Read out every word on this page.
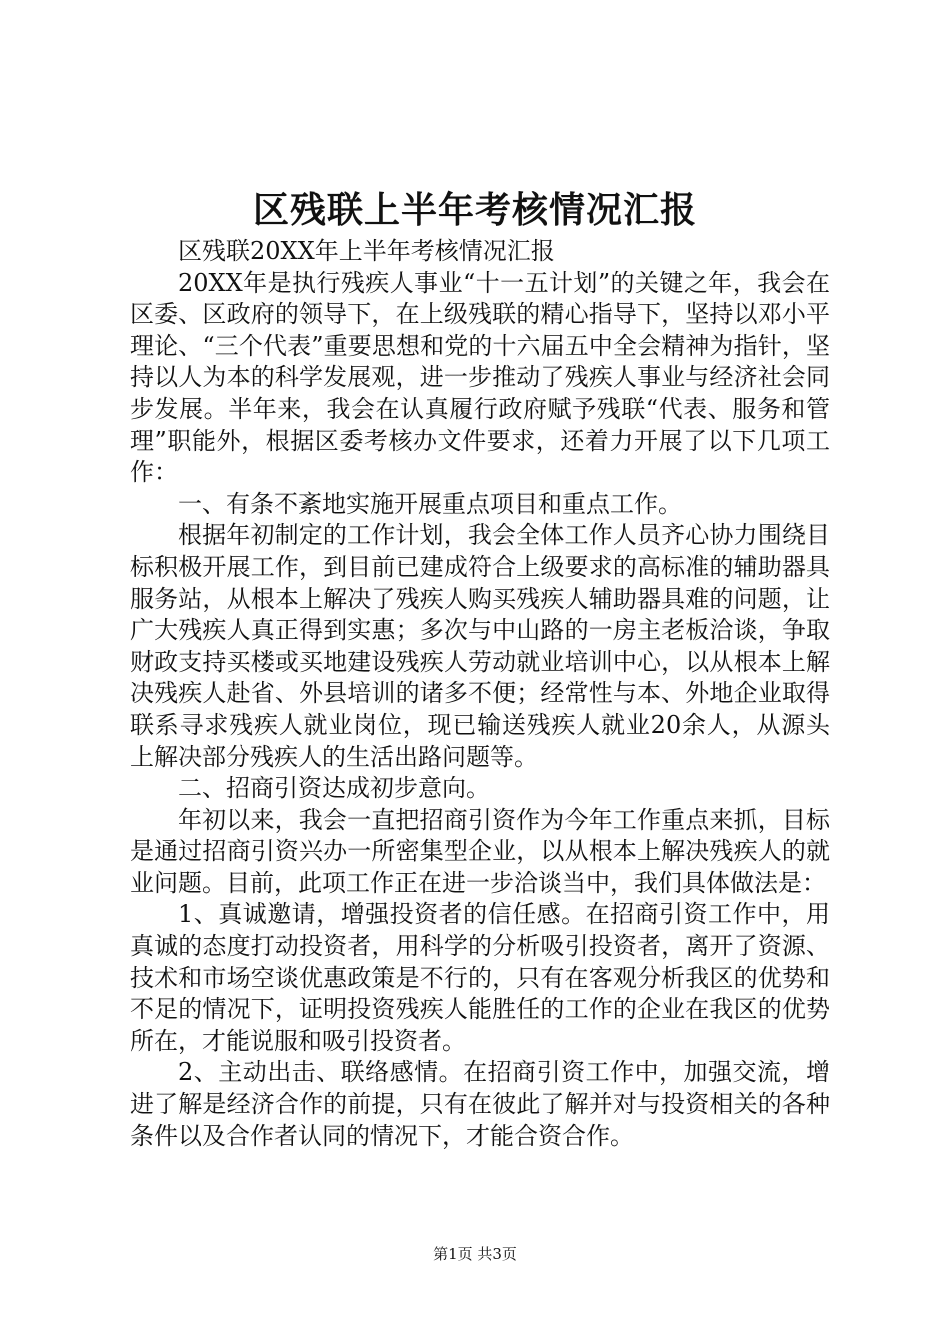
区残联上半年考核情况汇报

区残联20XX年上半年考核情况汇报

20XX年是执行残疾人事业“十一五计划”的关键之年，我会在区委、区政府的领导下，在上级残联的精心指导下，坚持以邓小平理论、“三个代表”重要思想和党的十六届五中全会精神为指针，坚持以人为本的科学发展观，进一步推动了残疾人事业与经济社会同步发展。半年来，我会在认真履行政府赋予残联“代表、服务和管理”职能外，根据区委考核办文件要求，还着力开展了以下几项工作：

一、有条不紊地实施开展重点项目和重点工作。

根据年初制定的工作计划，我会全体工作人员齐心协力围绕目标积极开展工作，到目前已建成符合上级要求的高标准的辅助器具服务站，从根本上解决了残疾人购买残疾人辅助器具难的问题，让广大残疾人真正得到实惠；多次与中山路的一房主老板洽谈，争取财政支持买楼或买地建设残疾人劳动就业培训中心，以从根本上解决残疾人赴省、外县培训的诸多不便；经常性与本、外地企业取得联系寻求残疾人就业岗位，现已输送残疾人就业20余人，从源头上解决部分残疾人的生活出路问题等。

二、招商引资达成初步意向。

年初以来，我会一直把招商引资作为今年工作重点来抓，目标是通过招商引资兴办一所密集型企业，以从根本上解决残疾人的就业问题。目前，此项工作正在进一步洽谈当中，我们具体做法是：

1、真诚邀请，增强投资者的信任感。在招商引资工作中，用真诚的态度打动投资者，用科学的分析吸引投资者，离开了资源、技术和市场空谈优惠政策是不行的，只有在客观分析我区的优势和不足的情况下，证明投资残疾人能胜任的工作的企业在我区的优势所在，才能说服和吸引投资者。

2、主动出击、联络感情。在招商引资工作中，加强交流，增进了解是经济合作的前提，只有在彼此了解并对与投资相关的各种条件以及合作者认同的情况下，才能合资合作。

第1页 共3页
